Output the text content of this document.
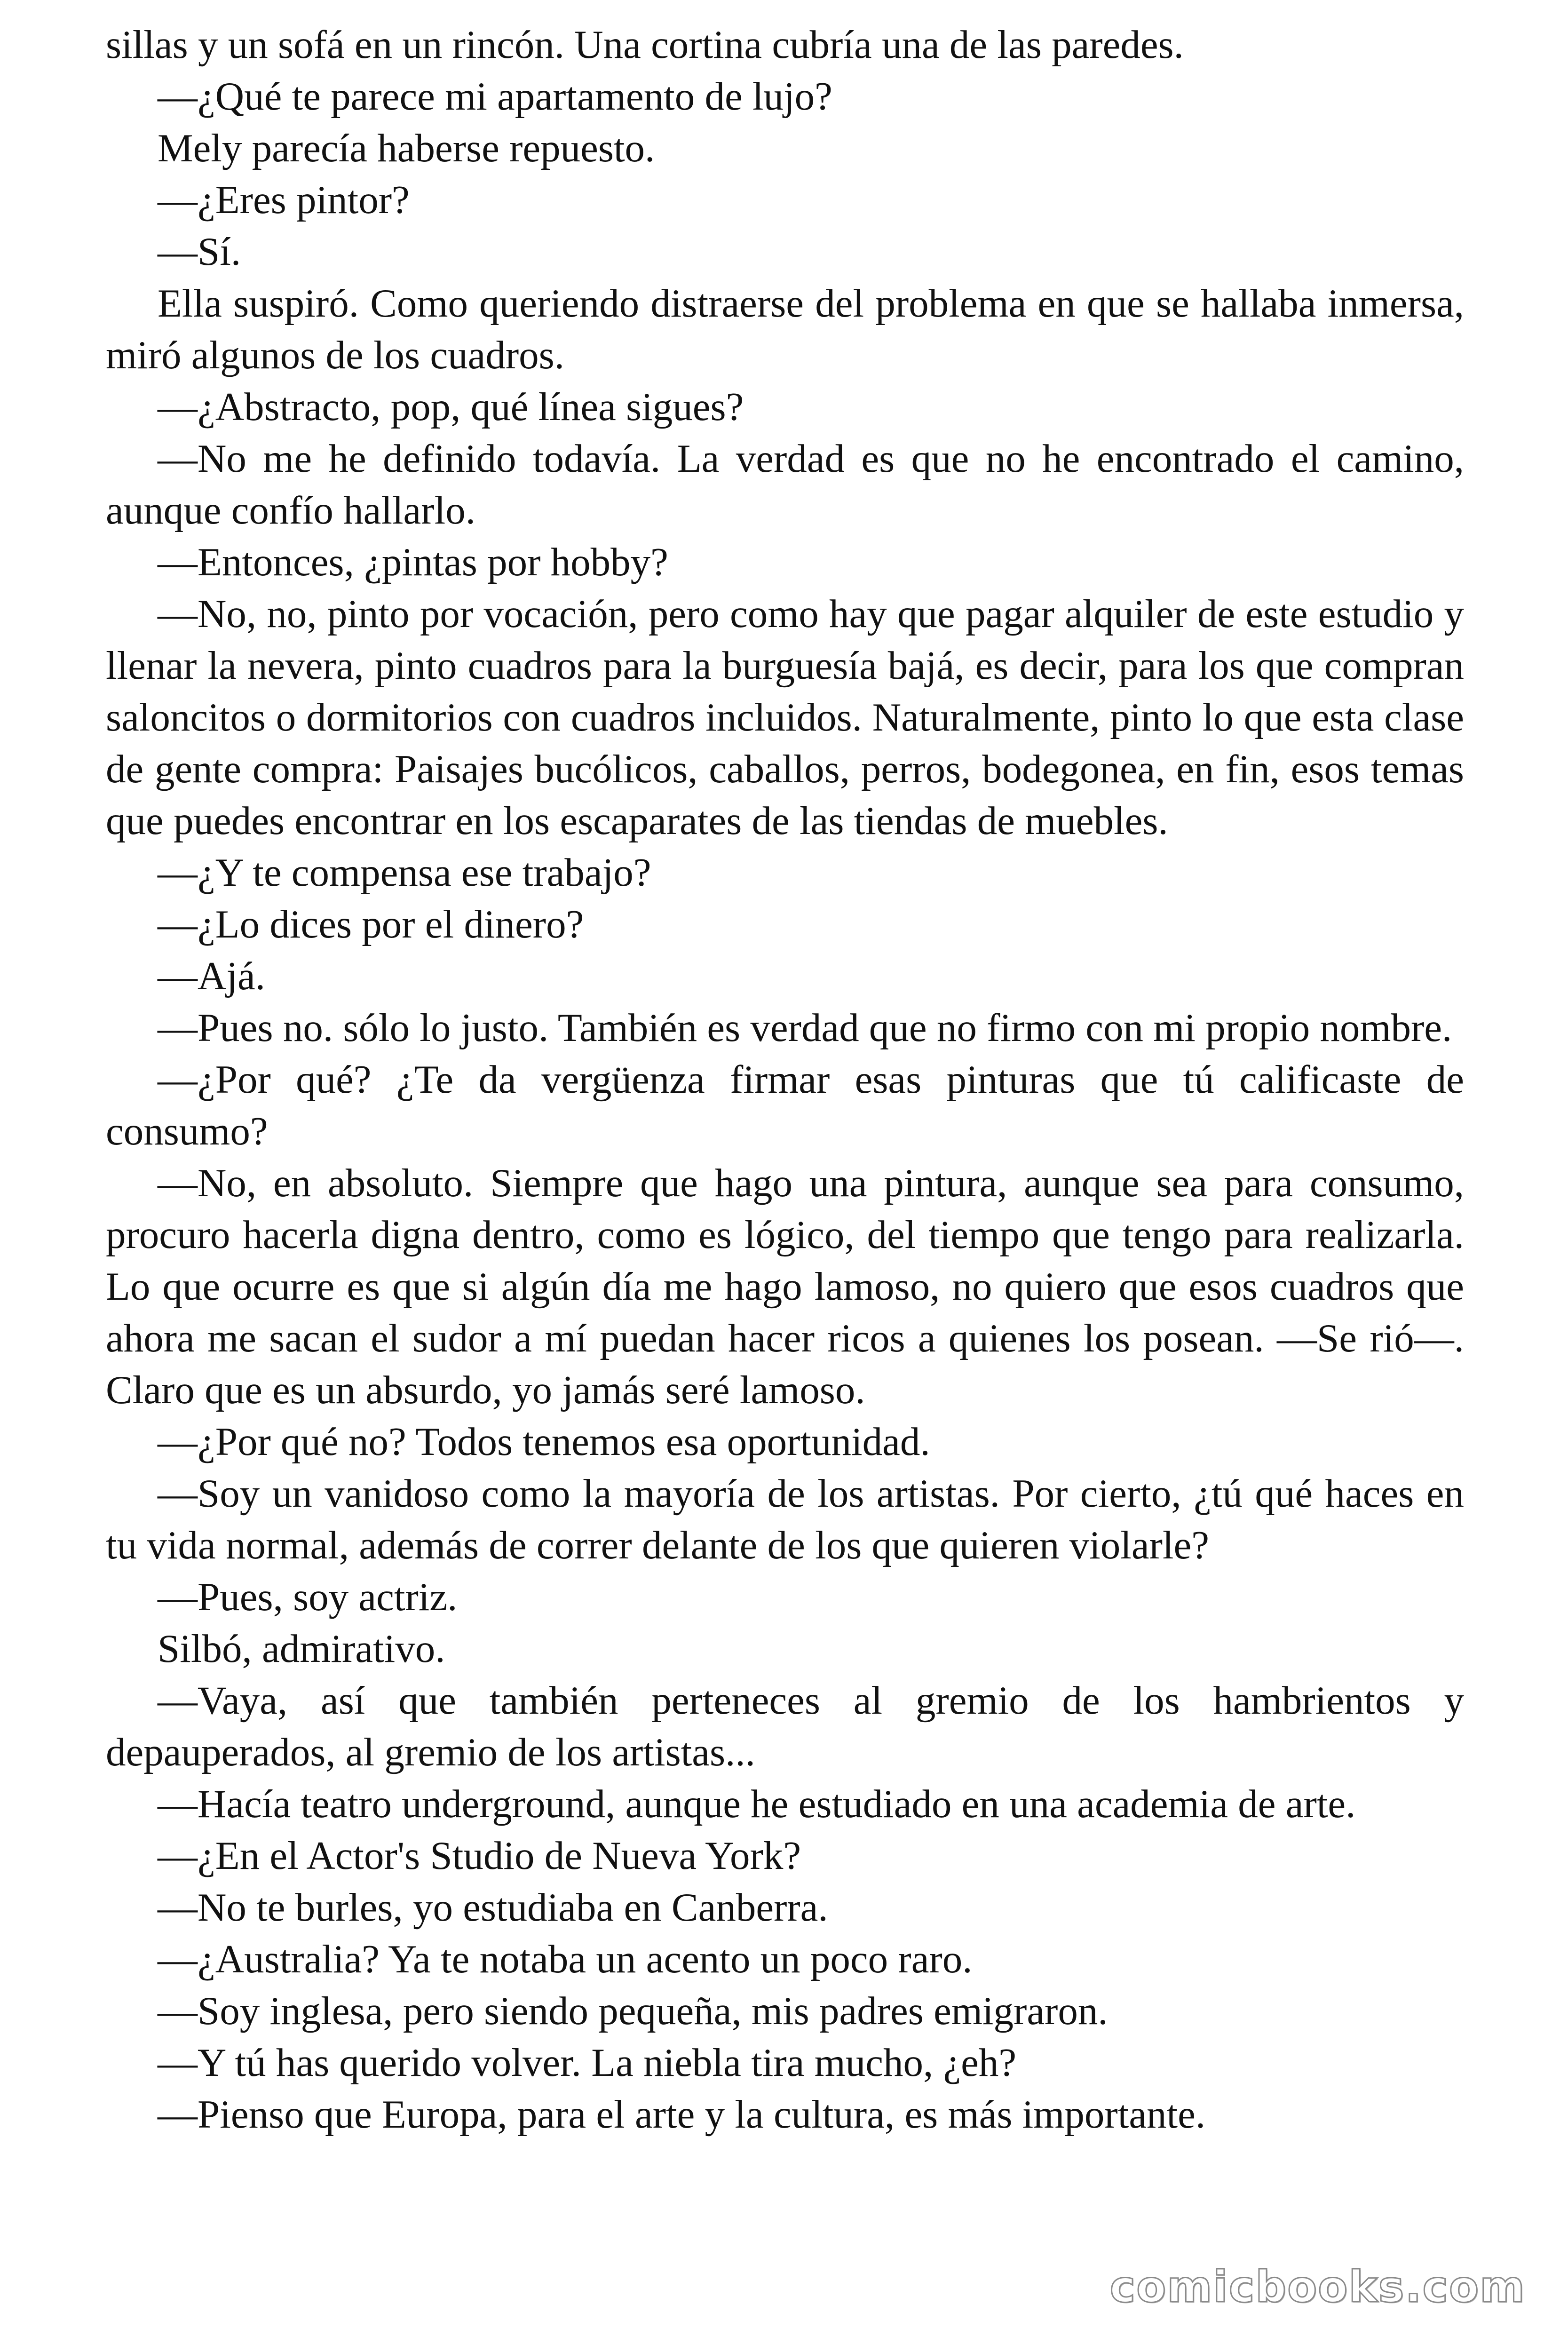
sillas y un sofá en un rincón. Una cortina cubría una de las paredes.

—¿Qué te parece mi apartamento de lujo?

Mely parecía haberse repuesto.

—¿Eres pintor?

—Sí.

Ella suspiró. Como queriendo distraerse del problema en que se hallaba inmersa, miró algunos de los cuadros.

—¿Abstracto, pop, qué línea sigues?

—No me he definido todavía. La verdad es que no he encontrado el camino, aunque confío hallarlo.

—Entonces, ¿pintas por hobby?

—No, no, pinto por vocación, pero como hay que pagar alquiler de este estudio y llenar la nevera, pinto cuadros para la burguesía bajá, es decir, para los que compran saloncitos o dormitorios con cuadros incluidos. Naturalmente, pinto lo que esta clase de gente compra: Paisajes bucólicos, caballos, perros, bodegonea, en fin, esos temas que puedes encontrar en los escaparates de las tiendas de muebles.

—¿Y te compensa ese trabajo?

—¿Lo dices por el dinero?

—Ajá.

—Pues no. sólo lo justo. También es verdad que no firmo con mi propio nombre.

—¿Por qué? ¿Te da vergüenza firmar esas pinturas que tú calificaste de consumo?

—No, en absoluto. Siempre que hago una pintura, aunque sea para consumo, procuro hacerla digna dentro, como es lógico, del tiempo que tengo para realizarla. Lo que ocurre es que si algún día me hago lamoso, no quiero que esos cuadros que ahora me sacan el sudor a mí puedan hacer ricos a quienes los posean. —Se rió—. Claro que es un absurdo, yo jamás seré lamoso.

—¿Por qué no? Todos tenemos esa oportunidad.

—Soy un vanidoso como la mayoría de los artistas. Por cierto, ¿tú qué haces en tu vida normal, además de correr delante de los que quieren violarle?

—Pues, soy actriz.

Silbó, admirativo.

—Vaya, así que también perteneces al gremio de los hambrientos y depauperados, al gremio de los artistas...

—Hacía teatro underground, aunque he estudiado en una academia de arte.

—¿En el Actor's Studio de Nueva York?

—No te burles, yo estudiaba en Canberra.

—¿Australia? Ya te notaba un acento un poco raro.

—Soy inglesa, pero siendo pequeña, mis padres emigraron.

—Y tú has querido volver. La niebla tira mucho, ¿eh?

—Pienso que Europa, para el arte y la cultura, es más importante.

comicbooks.com
